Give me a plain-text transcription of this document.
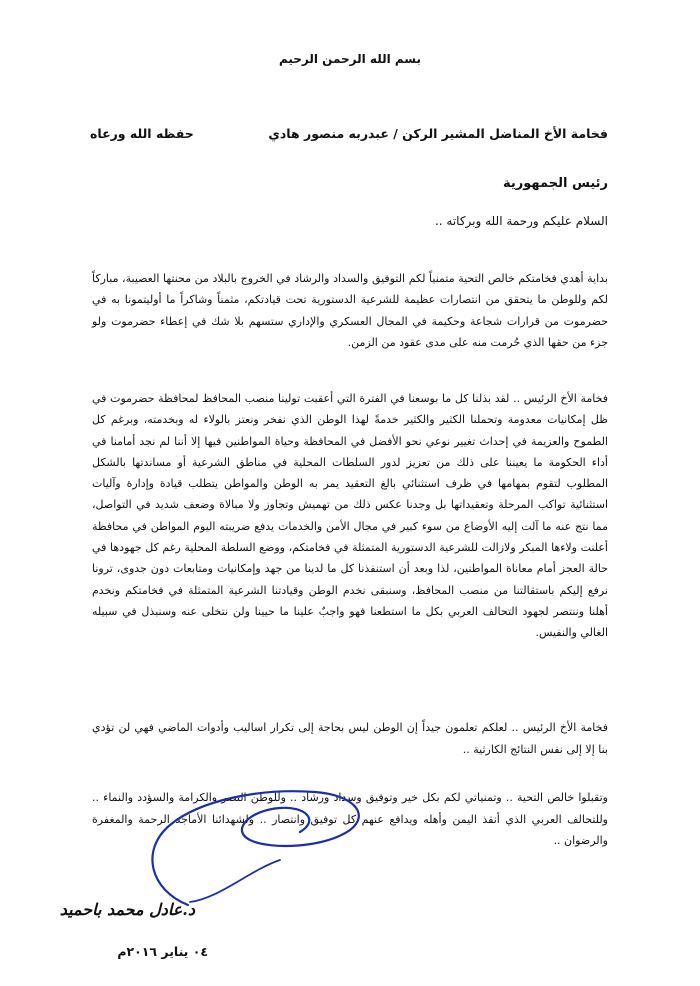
بسم الله الرحمن الرحيم
فخامة الأخ المناضل المشير الركن / عبدربه منصور هادي
حفظه الله ورعاه
رئيس الجمهورية
السلام عليكم ورحمة الله وبركاته ..
بداية أهدي فخامتكم خالص التحية متمنياً لكم التوفيق والسداد والرشاد في الخروج بالبلاد من محنتها العصيبة، مباركاً لكم وللوطن ما يتحقق من انتصارات عظيمة للشرعية الدستورية تحت قيادتكم، مثمناً وشاكراً ما أوليتمونا به في حضرموت من قرارات شجاعة وحكيمة في المجال العسكري والإداري ستسهم بلا شك في إعطاء حضرموت ولو جزء من حقها الذي حُرمت منه على مدى عقود من الزمن.
فخامة الأخ الرئيس .. لقد بذلنا كل ما بوسعنا في الفترة التي أعقبت تولينا منصب المحافظ لمحافظة حضرموت في ظل إمكانيات معدومة وتحملنا الكثير والكثير خدمةً لهذا الوطن الذي نفخر ونعتز بالولاء له وبخدمته، وبرغم كل الطموح والعزيمة في إحداث تغيير نوعي نحو الأفضل في المحافظة وحياة المواطنين فيها إلا أننا لم نجد أمامنا في أداء الحكومة ما يعيننا على ذلك من تعزيز لدور السلطات المحلية في مناطق الشرعية أو مساندتها بالشكل المطلوب لتقوم بمهامها في ظرف استثنائي بالغ التعقيد يمر به الوطن والمواطن يتطلب قيادة وإدارة وآليات استثنائية تواكب المرحلة وتعقيداتها بل وجدنا عكس ذلك من تهميش وتجاوز ولا مبالاة وضعف شديد في التواصل، مما نتج عنه ما آلت إليه الأوضاع من سوء كبير في مجال الأمن والخدمات يدفع ضريبته اليوم المواطن في محافظة أعلنت ولاءها المبكر ولازالت للشرعية الدستورية المتمثلة في فخامتكم، ووضع السلطة المحلية رغم كل جهودها في حالة العجز أمام معاناة المواطنين، لذا وبعد أن استنفذنا كل ما لدينا من جهد وإمكانيات ومتابعات دون جدوى، ترونا نرفع إليكم باستقالتنا من منصب المحافظ، وسنبقى نخدم الوطن وقيادتنا الشرعية المتمثلة في فخامتكم ونخدم أهلنا وننتصر لجهود التحالف العربي بكل ما استطعنا فهو واجبٌ علينا ما حيينا ولن نتخلى عنه وسنبذل في سبيله الغالي والنفيس.
فخامة الأخ الرئيس .. لعلكم تعلمون جيداً إن الوطن ليس بحاجة إلى تكرار اساليب وأدوات الماضي فهي لن تؤدي بنا إلا إلى نفس النتائج الكارثية ..
وتقبلوا خالص التحية .. وتمنياتي لكم بكل خير وتوفيق وسداد ورشاد .. وللوطن النصر والكرامة والسؤدد والنماء .. وللتحالف العربي الذي أنقذ اليمن وأهله ويدافع عنهم كل توفيق وانتصار .. ولشهدائنا الأماجد الرحمة والمغفرة والرضوان ..
د.عادل محمد باحميد
٠٤ يناير ٢٠١٦م
